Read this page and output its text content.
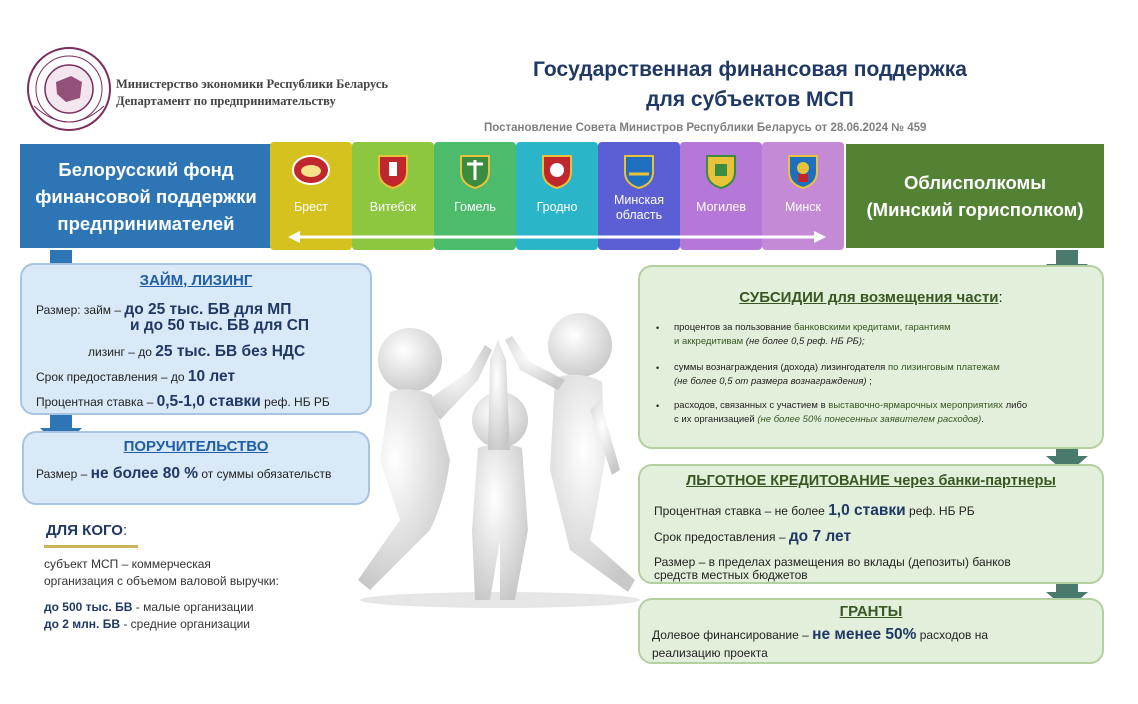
Министерство экономики Республики Беларусь
Департамент по предпринимательству
Государственная финансовая поддержка
для субъектов МСП
Постановление Совета Министров Республики Беларусь от 28.06.2024 № 459
Белорусский фонд
финансовой поддержки
предпринимателей
Брест	Витебск	Гомель	Гродно	Минская
область
Могилев	Минск
Облисполкомы
(Минский горисполком)
ЗАЙМ, ЛИЗИНГ
Размер: займ – до 25 тыс. БВ для МП
и до 50 тыс. БВ для СП
лизинг – до 25 тыс. БВ без НДС
Срок предоставления – до 10 лет
Процентная ставка – 0,5-1,0 ставки реф. НБ РБ
ПОРУЧИТЕЛЬСТВО
Размер – не более 80 % от суммы обязательств
ДЛЯ КОГО:
субъект МСП – коммерческая
организация с объемом валовой выручки:
до 500 тыс. БВ - малые организации
до 2 млн. БВ - средние организации
СУБСИДИИ для возмещения части:
• процентов за пользование банковскими кредитами, гарантиям
и аккредитивам (не более 0,5 реф. НБ РБ);
• суммы вознаграждения (дохода) лизингодателя по лизинговым платежам
(не более 0,5 от размера вознаграждения) ;
• расходов, связанных с участием в выставочно-ярмарочных мероприятиях либо
с их организацией (не более 50% понесенных заявителем расходов).
ЛЬГОТНОЕ КРЕДИТОВАНИЕ через банки-партнеры
Процентная ставка – не более 1,0 ставки реф. НБ РБ
Срок предоставления – до 7 лет
Размер – в пределах размещения во вклады (депозиты) банков
средств местных бюджетов
ГРАНТЫ
Долевое финансирование – не менее 50% расходов на
реализацию проекта
